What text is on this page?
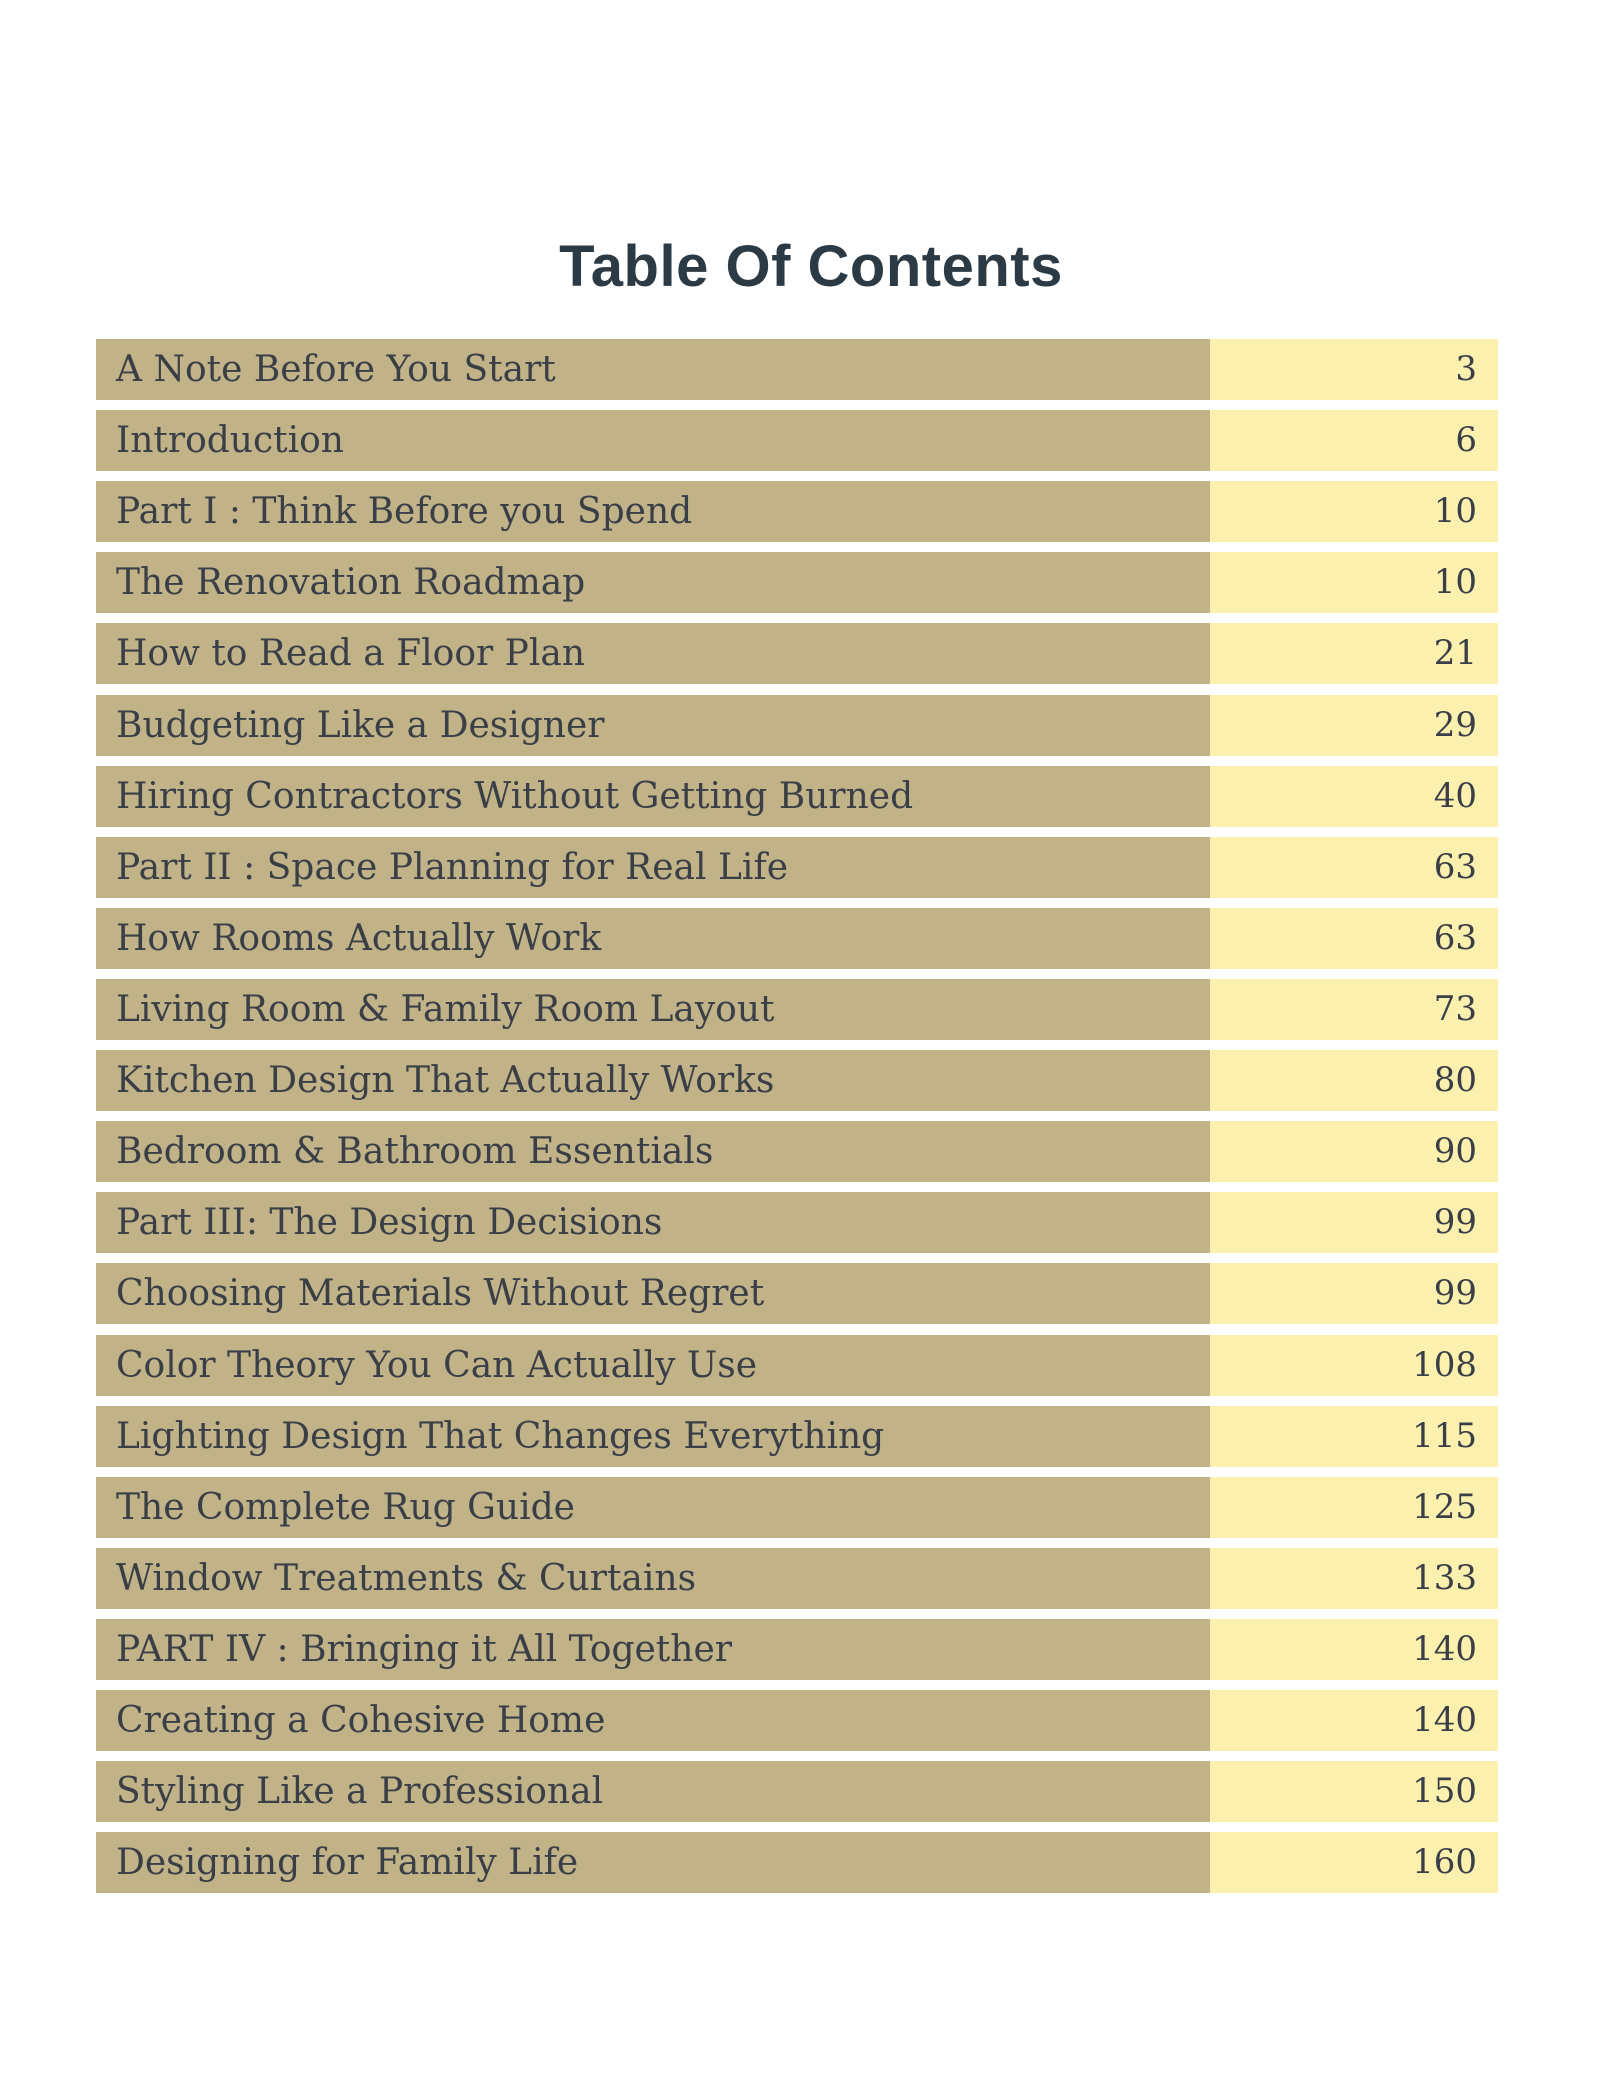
Table Of Contents
A Note Before You Start	3
Introduction	6
Part I : Think Before you Spend	10
The Renovation Roadmap	10
How to Read a Floor Plan	21
Budgeting Like a Designer	29
Hiring Contractors Without Getting Burned	40
Part II : Space Planning for Real Life	63
How Rooms Actually Work	63
Living Room & Family Room Layout	73
Kitchen Design That Actually Works	80
Bedroom & Bathroom Essentials	90
Part III: The Design Decisions	99
Choosing Materials Without Regret	99
Color Theory You Can Actually Use	108
Lighting Design That Changes Everything	115
The Complete Rug Guide	125
Window Treatments & Curtains	133
PART IV : Bringing it All Together	140
Creating a Cohesive Home	140
Styling Like a Professional	150
Designing for Family Life	160
